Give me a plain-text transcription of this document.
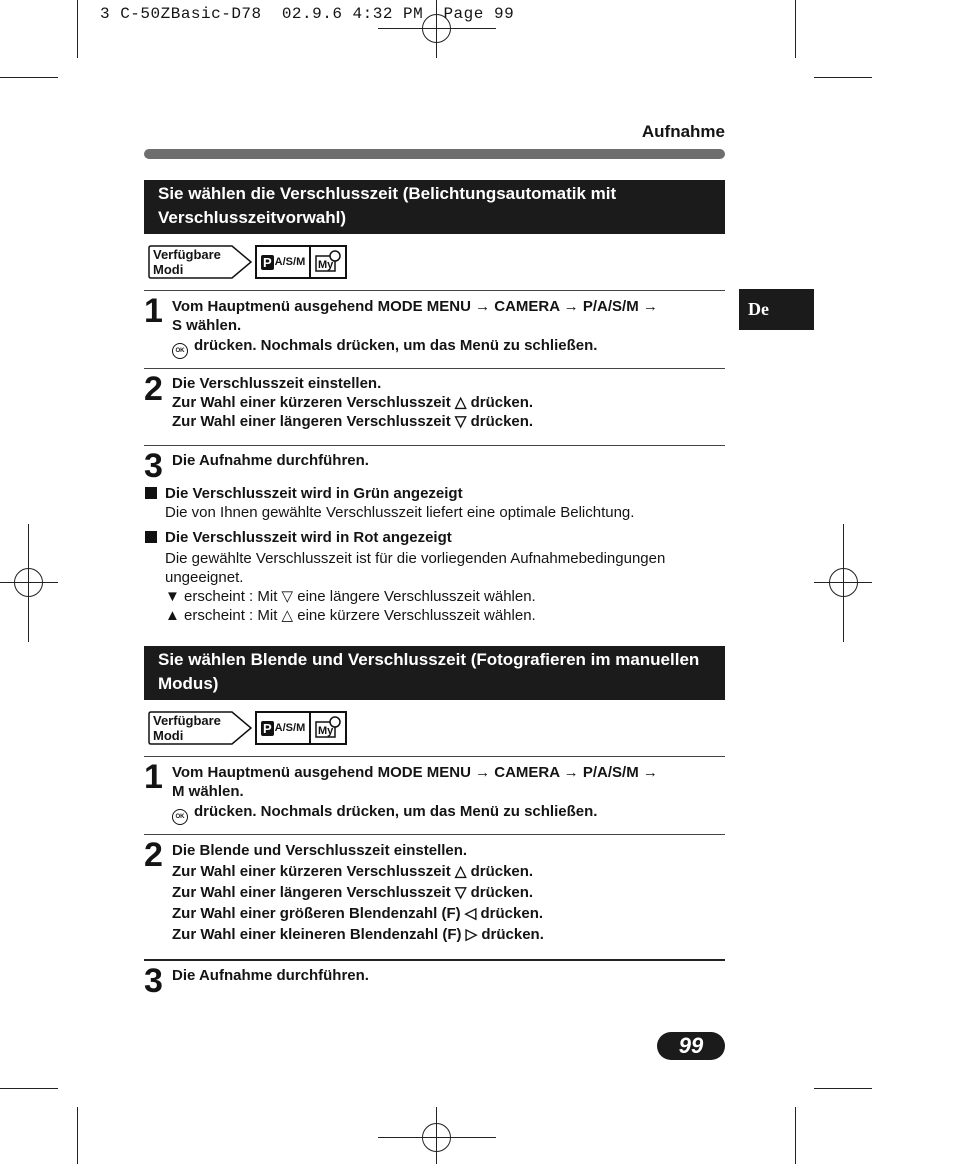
3 C-50ZBasic-D78  02.9.6 4:32 PM  Page 99
Aufnahme
De
Sie wählen die Verschlusszeit (Belichtungsautomatik mit Verschlusszeitvorwahl)
Verfügbare
Modi	P A/S/M My
1 Vom Hauptmenü ausgehend MODE MENU → CAMERA → P/A/S/M →
S wählen.
OK drücken. Nochmals drücken, um das Menü zu schließen.
2 Die Verschlusszeit einstellen.
Zur Wahl einer kürzeren Verschlusszeit △ drücken.
Zur Wahl einer längeren Verschlusszeit ▽ drücken.
3 Die Aufnahme durchführen.
Die Verschlusszeit wird in Grün angezeigt
Die von Ihnen gewählte Verschlusszeit liefert eine optimale Belichtung.
Die Verschlusszeit wird in Rot angezeigt
Die gewählte Verschlusszeit ist für die vorliegenden Aufnahmebedingungen
ungeeignet.
▼ erscheint : Mit ▽ eine längere Verschlusszeit wählen.
▲ erscheint : Mit △ eine kürzere Verschlusszeit wählen.
Sie wählen Blende und Verschlusszeit (Fotografieren im manuellen Modus)
Verfügbare
Modi	P A/S/M My
1 Vom Hauptmenü ausgehend MODE MENU → CAMERA → P/A/S/M →
M wählen.
OK drücken. Nochmals drücken, um das Menü zu schließen.
2 Die Blende und Verschlusszeit einstellen.
Zur Wahl einer kürzeren Verschlusszeit △ drücken.
Zur Wahl einer längeren Verschlusszeit ▽ drücken.
Zur Wahl einer größeren Blendenzahl (F) ◁ drücken.
Zur Wahl einer kleineren Blendenzahl (F) ▷ drücken.
3 Die Aufnahme durchführen.
99
